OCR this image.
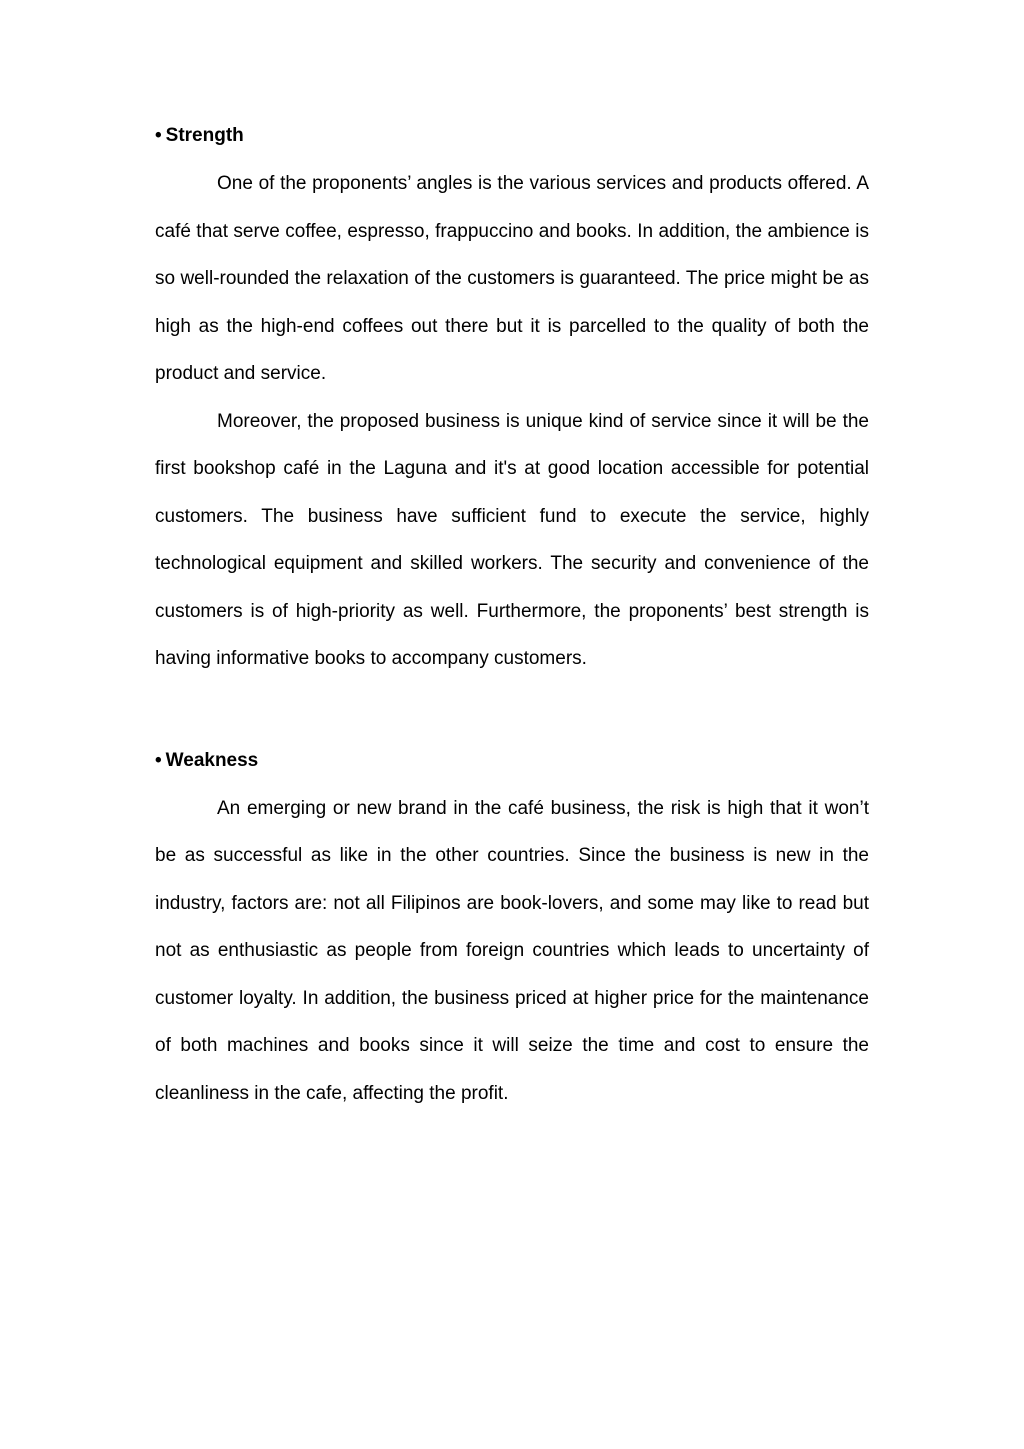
• Strength

One of the proponents’ angles is the various services and products offered. A café that serve coffee, espresso, frappuccino and books. In addition, the ambience is so well-rounded the relaxation of the customers is guaranteed. The price might be as high as the high-end coffees out there but it is parcelled to the quality of both the product and service.

Moreover, the proposed business is unique kind of service since it will be the first bookshop café in the Laguna and it's at good location accessible for potential customers. The business have sufficient fund to execute the service, highly technological equipment and skilled workers. The security and convenience of the customers is of high-priority as well. Furthermore, the proponents’ best strength is having informative books to accompany customers.

• Weakness

An emerging or new brand in the café business, the risk is high that it won’t be as successful as like in the other countries. Since the business is new in the industry, factors are: not all Filipinos are book-lovers, and some may like to read but not as enthusiastic as people from foreign countries which leads to uncertainty of customer loyalty. In addition, the business priced at higher price for the maintenance of both machines and books since it will seize the time and cost to ensure the cleanliness in the cafe, affecting the profit.
